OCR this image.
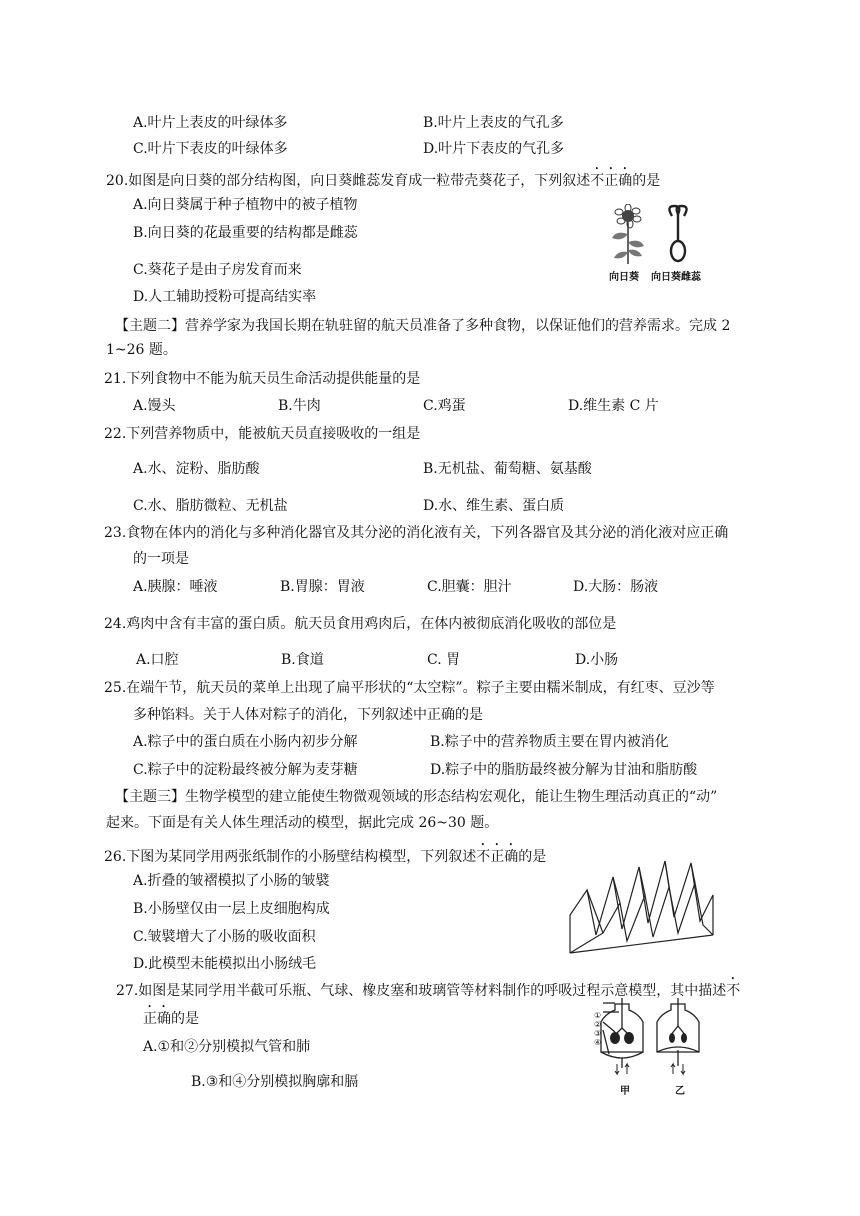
A.叶片上表皮的叶绿体多	B.叶片上表皮的气孔多
C.叶片下表皮的叶绿体多	D.叶片下表皮的气孔多
20.如图是向日葵的部分结构图，向日葵雌蕊发育成一粒带壳葵花子，下列叙述不正确的是
A.向日葵属于种子植物中的被子植物
B.向日葵的花最重要的结构都是雌蕊
C.葵花子是由子房发育而来
D.人工辅助授粉可提高结实率
向日葵 向日葵雌蕊
【主题二】营养学家为我国长期在轨驻留的航天员准备了多种食物，以保证他们的营养需求。完成 2
1~26 题。
21.下列食物中不能为航天员生命活动提供能量的是
A.馒头	B.牛肉	C.鸡蛋	D.维生素 C 片
22.下列营养物质中，能被航天员直接吸收的一组是
A.水、淀粉、脂肪酸	B.无机盐、葡萄糖、氨基酸
C.水、脂肪微粒、无机盐	D.水、维生素、蛋白质
23.食物在体内的消化与多种消化器官及其分泌的消化液有关，下列各器官及其分泌的消化液对应正确
的一项是
A.胰腺：唾液	B.胃腺：胃液	C.胆囊：胆汁	D.大肠：肠液
24.鸡肉中含有丰富的蛋白质。航天员食用鸡肉后，在体内被彻底消化吸收的部位是
A.口腔	B.食道	C. 胃	D.小肠
25.在端午节，航天员的菜单上出现了扁平形状的“太空粽”。粽子主要由糯米制成，有红枣、豆沙等
多种馅料。关于人体对粽子的消化，下列叙述中正确的是
A.粽子中的蛋白质在小肠内初步分解	B.粽子中的营养物质主要在胃内被消化
C.粽子中的淀粉最终被分解为麦芽糖	D.粽子中的脂肪最终被分解为甘油和脂肪酸
【主题三】生物学模型的建立能使生物微观领域的形态结构宏观化，能让生物生理活动真正的“动”
起来。下面是有关人体生理活动的模型，据此完成 26~30 题。
26.下图为某同学用两张纸制作的小肠壁结构模型，下列叙述不正确的是
A.折叠的皱褶模拟了小肠的皱襞
B.小肠壁仅由一层上皮细胞构成
C.皱襞增大了小肠的吸收面积
D.此模型未能模拟出小肠绒毛
27.如图是某同学用半截可乐瓶、气球、橡皮塞和玻璃管等材料制作的呼吸过程示意模型，其中描述不
正确的是
A.①和②分别模拟气管和肺
B.③和④分别模拟胸廓和膈
①
②
③
④
甲	乙
